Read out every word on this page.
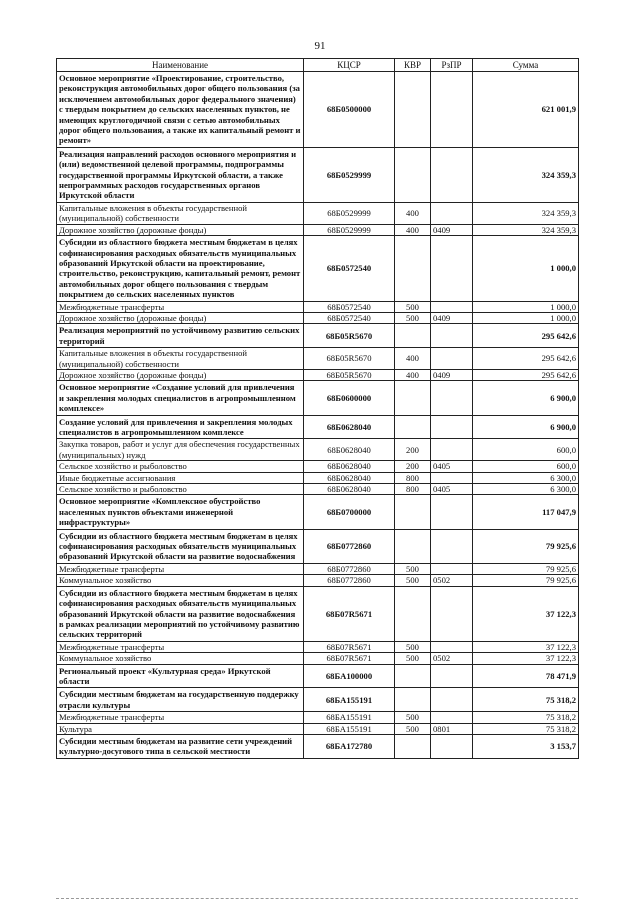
91
Наименование	КЦСР	КВР	РзПР	Сумма
Основное мероприятие «Проектирование, строительство, реконструкция автомобильных дорог общего пользования (за исключением автомобильных дорог федерального значения) с твердым покрытием до сельских населенных пунктов, не имеющих круглогодичной связи с сетью автомобильных дорог общего пользования, а также их капитальный ремонт и ремонт»	68Б0500000			621 001,9
Реализация направлений расходов основного мероприятия и (или) ведомственной целевой программы, подпрограммы государственной программы Иркутской области, а также непрограммных расходов государственных органов Иркутской области	68Б0529999			324 359,3
Капитальные вложения в объекты государственной (муниципальной) собственности	68Б0529999	400		324 359,3
Дорожное хозяйство (дорожные фонды)	68Б0529999	400	0409	324 359,3
Субсидии из областного бюджета местным бюджетам в целях софинансирования расходных обязательств муниципальных образований Иркутской области на проектирование, строительство, реконструкцию, капитальный ремонт, ремонт автомобильных дорог общего пользования с твердым покрытием до сельских населенных пунктов	68Б0572540			1 000,0
Межбюджетные трансферты	68Б0572540	500		1 000,0
Дорожное хозяйство (дорожные фонды)	68Б0572540	500	0409	1 000,0
Реализация мероприятий по устойчивому развитию сельских территорий	68Б05R5670			295 642,6
Капитальные вложения в объекты государственной (муниципальной) собственности	68Б05R5670	400		295 642,6
Дорожное хозяйство (дорожные фонды)	68Б05R5670	400	0409	295 642,6
Основное мероприятие «Создание условий для привлечения и закрепления молодых специалистов в агропромышленном комплексе»	68Б0600000			6 900,0
Создание условий для привлечения и закрепления молодых специалистов в агропромышленном комплексе	68Б0628040			6 900,0
Закупка товаров, работ и услуг для обеспечения государственных (муниципальных) нужд	68Б0628040	200		600,0
Сельское хозяйство и рыболовство	68Б0628040	200	0405	600,0
Иные бюджетные ассигнования	68Б0628040	800		6 300,0
Сельское хозяйство и рыболовство	68Б0628040	800	0405	6 300,0
Основное мероприятие «Комплексное обустройство населенных пунктов объектами инженерной инфраструктуры»	68Б0700000			117 047,9
Субсидии из областного бюджета местным бюджетам в целях софинансирования расходных обязательств муниципальных образований Иркутской области на развитие водоснабжения	68Б0772860			79 925,6
Межбюджетные трансферты	68Б0772860	500		79 925,6
Коммунальное хозяйство	68Б0772860	500	0502	79 925,6
Субсидии из областного бюджета местным бюджетам в целях софинансирования расходных обязательств муниципальных образований Иркутской области на развитие водоснабжения в рамках реализации мероприятий по устойчивому развитию сельских территорий	68Б07R5671			37 122,3
Межбюджетные трансферты	68Б07R5671	500		37 122,3
Коммунальное хозяйство	68Б07R5671	500	0502	37 122,3
Региональный проект «Культурная среда» Иркутской области	68БA100000			78 471,9
Субсидии местным бюджетам на государственную поддержку отрасли культуры	68БA155191			75 318,2
Межбюджетные трансферты	68БA155191	500		75 318,2
Культура	68БA155191	500	0801	75 318,2
Субсидии местным бюджетам на развитие сети учреждений культурно-досугового типа в сельской местности	68БA172780			3 153,7
